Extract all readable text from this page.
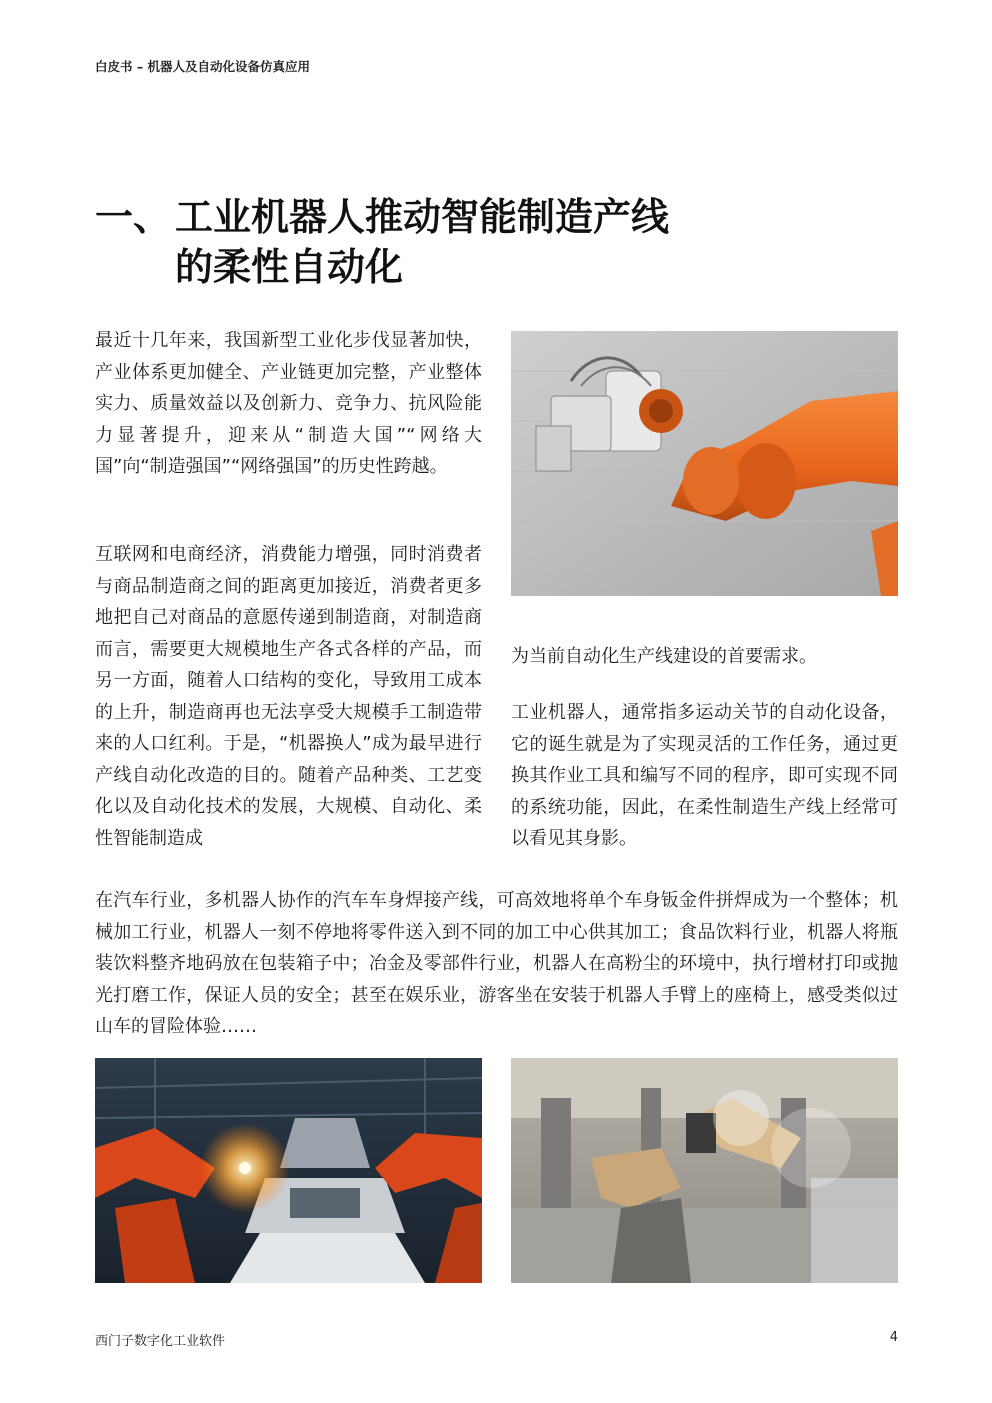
白皮书 – 机器人及自动化设备仿真应用
一、 工业机器人推动智能制造产线
的柔性自动化

最近十几年来，我国新型工业化步伐显著加快，产业体系更加健全、产业链更加完整，产业整体实力、质量效益以及创新力、竞争力、抗风险能力显著提升，迎来从“制造大国”“网络大国”向“制造强国”“网络强国”的历史性跨越。

互联网和电商经济，消费能力增强，同时消费者与商品制造商之间的距离更加接近，消费者更多地把自己对商品的意愿传递到制造商，对制造商而言，需要更大规模地生产各式各样的产品，而另一方面，随着人口结构的变化，导致用工成本的上升，制造商再也无法享受大规模手工制造带来的人口红利。于是，“机器换人”成为最早进行产线自动化改造的目的。随着产品种类、工艺变化以及自动化技术的发展，大规模、自动化、柔性智能制造成

为当前自动化生产线建设的首要需求。

工业机器人，通常指多运动关节的自动化设备，它的诞生就是为了实现灵活的工作任务，通过更换其作业工具和编写不同的程序，即可实现不同的系统功能，因此，在柔性制造生产线上经常可以看见其身影。

在汽车行业，多机器人协作的汽车车身焊接产线，可高效地将单个车身钣金件拼焊成为一个整体；机械加工行业，机器人一刻不停地将零件送入到不同的加工中心供其加工；食品饮料行业，机器人将瓶装饮料整齐地码放在包装箱子中；冶金及零部件行业，机器人在高粉尘的环境中，执行增材打印或抛光打磨工作，保证人员的安全；甚至在娱乐业，游客坐在安装于机器人手臂上的座椅上，感受类似过山车的冒险体验……

西门子数字化工业软件	4
